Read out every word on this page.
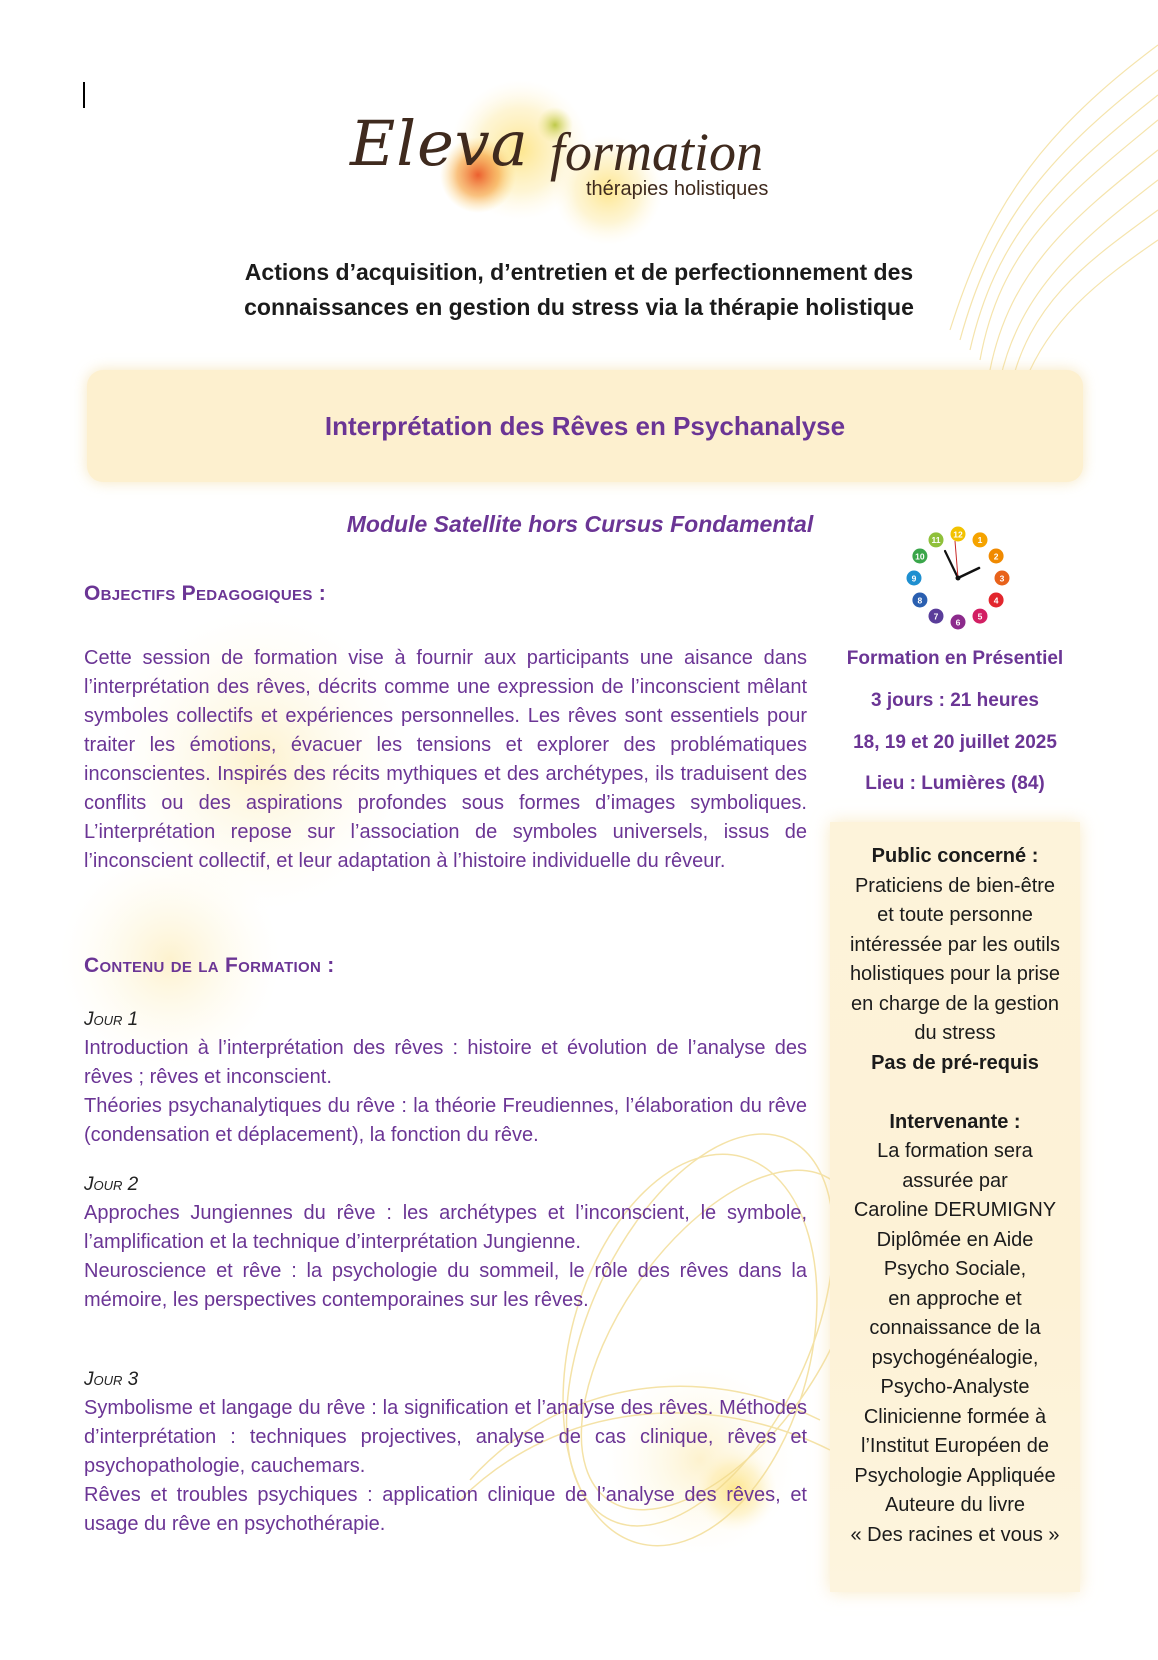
Eleva formation
thérapies holistiques
Actions d’acquisition, d’entretien et de perfectionnement des
connaissances en gestion du stress via la thérapie holistique
Interprétation des Rêves en Psychanalyse
Module Satellite hors Cursus Fondamental
Objectifs Pedagogiques :
Cette session de formation vise à fournir aux participants une aisance dans l’interprétation des rêves, décrits comme une expression de l’inconscient mêlant symboles collectifs et expériences personnelles. Les rêves sont essentiels pour traiter les émotions, évacuer les tensions et explorer des problématiques inconscientes. Inspirés des récits mythiques et des archétypes, ils traduisent des conflits ou des aspirations profondes sous formes d’images symboliques. L’interprétation repose sur l’association de symboles universels, issus de l’inconscient collectif, et leur adaptation à l’histoire individuelle du rêveur.
Contenu de la Formation :
Jour 1
Introduction à l’interprétation des rêves : histoire et évolution de l’analyse des rêves ; rêves et inconscient.
Théories psychanalytiques du rêve : la théorie Freudiennes, l’élaboration du rêve (condensation et déplacement), la fonction du rêve.
Jour 2
Approches Jungiennes du rêve : les archétypes et l’inconscient, le symbole, l’amplification et la technique d’interprétation Jungienne.
Neuroscience et rêve : la psychologie du sommeil, le rôle des rêves dans la mémoire, les perspectives contemporaines sur les rêves.
Jour 3
Symbolisme et langage du rêve : la signification et l’analyse des rêves. Méthodes d’interprétation : techniques projectives, analyse de cas clinique, rêves et psychopathologie, cauchemars.
Rêves et troubles psychiques : application clinique de l’analyse des rêves, et usage du rêve en psychothérapie.
12
1
2
3
4
5
6
7
8
9
10
11
Formation en Présentiel
3 jours : 21 heures
18, 19 et 20 juillet 2025
Lieu : Lumières (84)
Public concerné :
Praticiens de bien-être
et toute personne
intéressée par les outils
holistiques pour la prise
en charge de la gestion
du stress
Pas de pré-requis
Intervenante :
La formation sera
assurée par
Caroline DERUMIGNY
Diplômée en Aide
Psycho Sociale,
en approche et
connaissance de la
psychogénéalogie,
Psycho-Analyste
Clinicienne formée à
l’Institut Européen de
Psychologie Appliquée
Auteure du livre
« Des racines et vous »
